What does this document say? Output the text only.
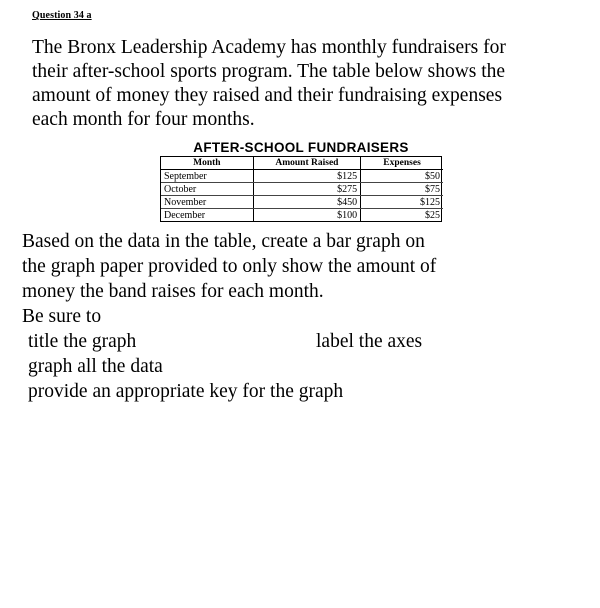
Question 34 a
The Bronx Leadership Academy has monthly fundraisers for
their after-school sports program. The table below shows the
amount of money they raised and their fundraising expenses
each month for four months.
AFTER-SCHOOL FUNDRAISERS
Month	Amount Raised	Expenses
September	$125	$50
October	$275	$75
November	$450	$125
December	$100	$25
Based on the data in the table, create a bar graph on
the graph paper provided to only show the amount of
money the band raises for each month.
Be sure to
title the graph	label the axes
graph all the data
provide an appropriate key for the graph
